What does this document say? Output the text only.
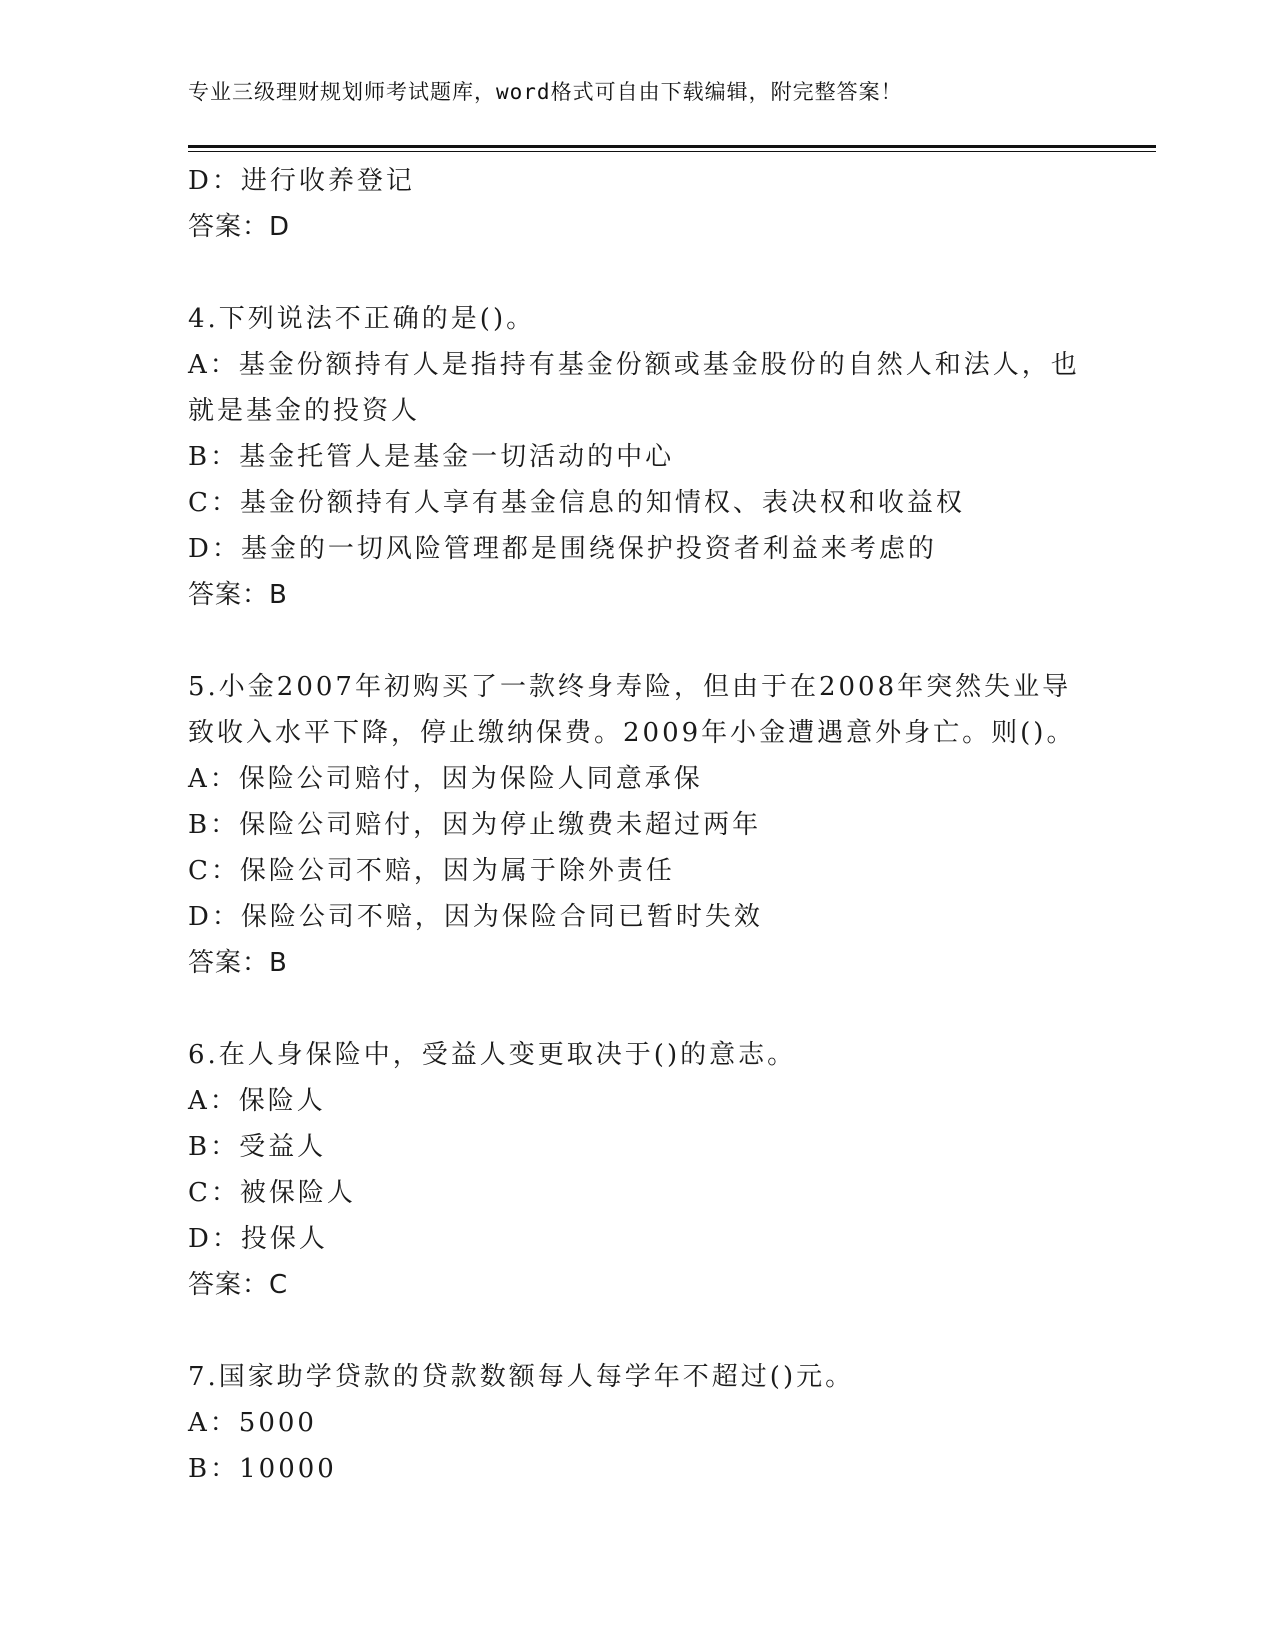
专业三级理财规划师考试题库，word格式可自由下载编辑，附完整答案！
D：进行收养登记
答案：D
4.下列说法不正确的是()。
A：基金份额持有人是指持有基金份额或基金股份的自然人和法人，也
就是基金的投资人
B：基金托管人是基金一切活动的中心
C：基金份额持有人享有基金信息的知情权、表决权和收益权
D：基金的一切风险管理都是围绕保护投资者利益来考虑的
答案：B
5.小金2007年初购买了一款终身寿险，但由于在2008年突然失业导
致收入水平下降，停止缴纳保费。2009年小金遭遇意外身亡。则()。
A：保险公司赔付，因为保险人同意承保
B：保险公司赔付，因为停止缴费未超过两年
C：保险公司不赔，因为属于除外责任
D：保险公司不赔，因为保险合同已暂时失效
答案：B
6.在人身保险中，受益人变更取决于()的意志。
A：保险人
B：受益人
C：被保险人
D：投保人
答案：C
7.国家助学贷款的贷款数额每人每学年不超过()元。
A：5000
B：10000
